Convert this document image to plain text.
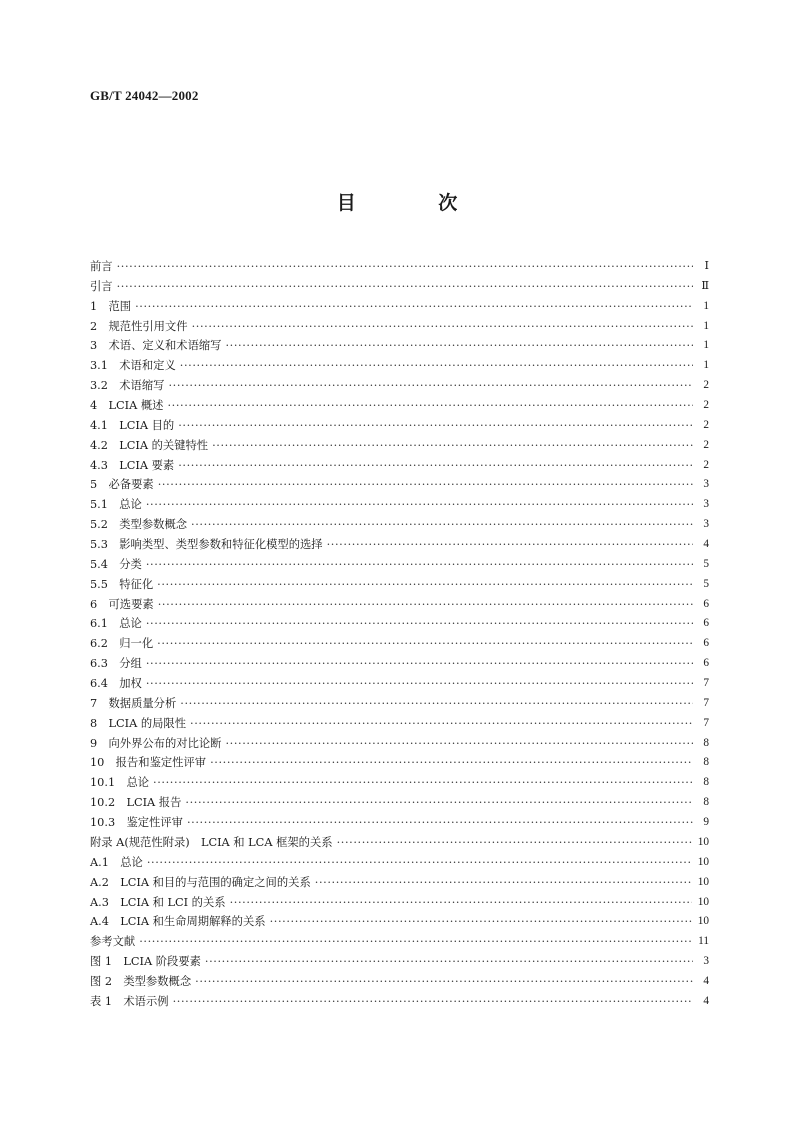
GB/T 24042—2002
目 次
前言 ·····	Ⅰ
引言 ·····	Ⅱ
1　范围 ·····	1
2　规范性引用文件 ·····	1
3　术语、定义和术语缩写 ·····	1
3.1　术语和定义 ·····	1
3.2　术语缩写 ·····	2
4　LCIA 概述 ·····	2
4.1　LCIA 目的 ·····	2
4.2　LCIA 的关键特性 ·····	2
4.3　LCIA 要素 ·····	2
5　必备要素 ·····	3
5.1　总论 ·····	3
5.2　类型参数概念 ·····	3
5.3　影响类型、类型参数和特征化模型的选择 ·····	4
5.4　分类 ·····	5
5.5　特征化 ·····	5
6　可选要素 ·····	6
6.1　总论 ·····	6
6.2　归一化 ·····	6
6.3　分组 ·····	6
6.4　加权 ·····	7
7　数据质量分析 ·····	7
8　LCIA 的局限性 ·····	7
9　向外界公布的对比论断 ·····	8
10　报告和鉴定性评审 ·····	8
10.1　总论 ·····	8
10.2　LCIA 报告 ·····	8
10.3　鉴定性评审 ·····	9
附录 A(规范性附录)　LCIA 和 LCA 框架的关系 ·····	10
A.1　总论 ·····	10
A.2　LCIA 和目的与范围的确定之间的关系 ·····	10
A.3　LCIA 和 LCI 的关系 ·····	10
A.4　LCIA 和生命周期解释的关系 ·····	10
参考文献 ·····	11
图 1　LCIA 阶段要素 ·····	3
图 2　类型参数概念 ·····	4
表 1　术语示例 ·····	4
